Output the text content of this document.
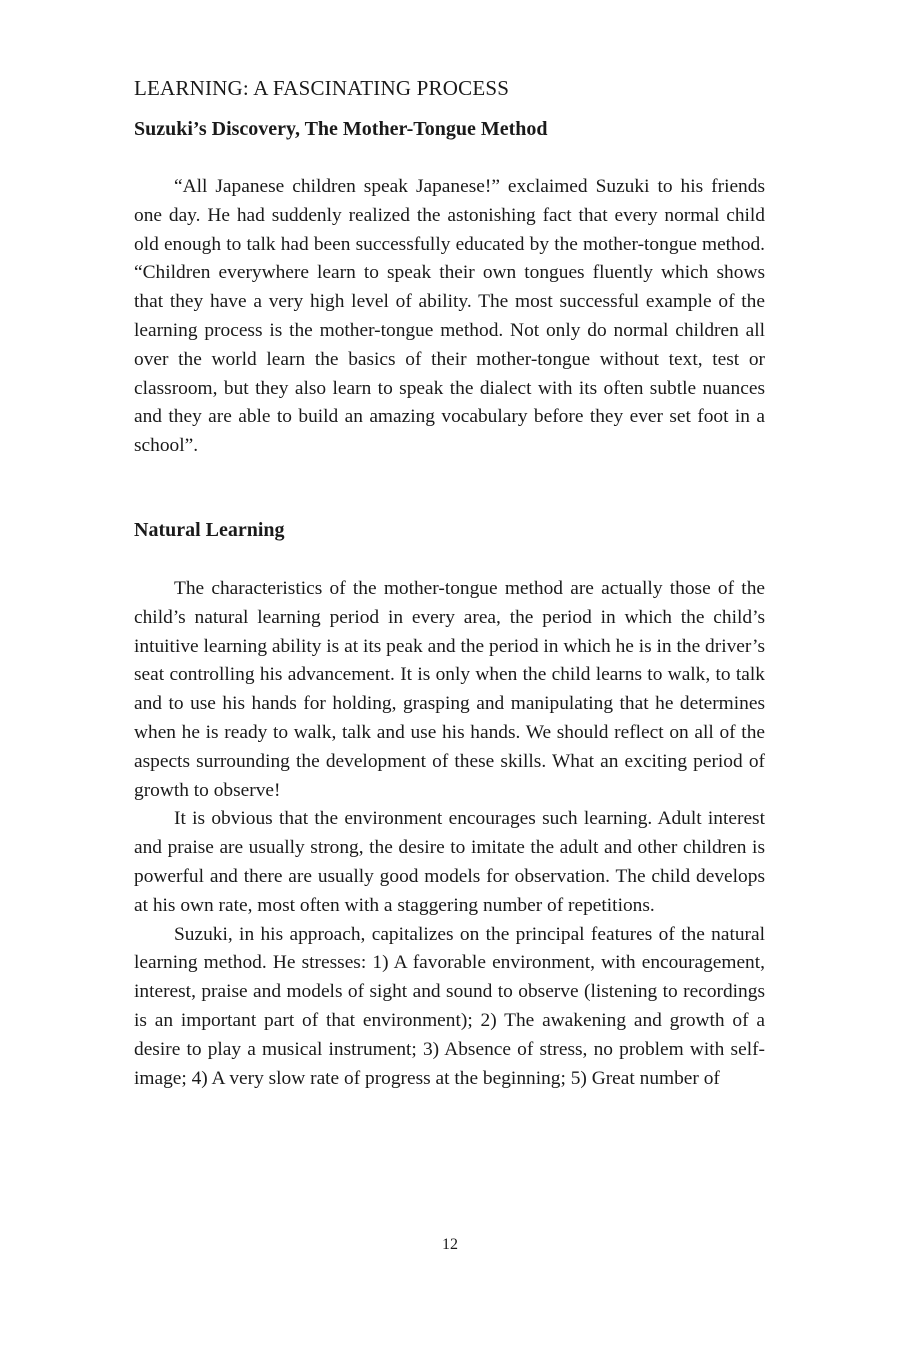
LEARNING: A FASCINATING PROCESS
Suzuki’s Discovery, The Mother-Tongue Method

“All Japanese children speak Japanese!” exclaimed Suzuki to his friends one day. He had suddenly realized the astonishing fact that every normal child old enough to talk had been successfully educated by the mother-tongue method. “Children everywhere learn to speak their own tongues fluently which shows that they have a very high level of ability. The most successful example of the learning process is the mother-tongue method. Not only do normal children all over the world learn the basics of their mother-tongue without text, test or classroom, but they also learn to speak the dialect with its often subtle nuances and they are able to build an amazing vocabulary before they ever set foot in a school”.

Natural Learning

The characteristics of the mother-tongue method are actually those of the child’s natural learning period in every area, the period in which the child’s intuitive learning ability is at its peak and the period in which he is in the driver’s seat controlling his advancement. It is only when the child learns to walk, to talk and to use his hands for holding, grasping and manipulating that he determines when he is ready to walk, talk and use his hands. We should reflect on all of the aspects surrounding the development of these skills. What an exciting period of growth to observe!

It is obvious that the environment encourages such learning. Adult interest and praise are usually strong, the desire to imitate the adult and other children is powerful and there are usually good models for observation. The child develops at his own rate, most often with a staggering number of repetitions.

Suzuki, in his approach, capitalizes on the principal features of the natural learning method. He stresses: 1) A favorable environment, with encouragement, interest, praise and models of sight and sound to observe (listening to recordings is an important part of that environment); 2) The awakening and growth of a desire to play a musical instrument; 3) Absence of stress, no problem with self-image; 4) A very slow rate of progress at the beginning; 5) Great number of

12
